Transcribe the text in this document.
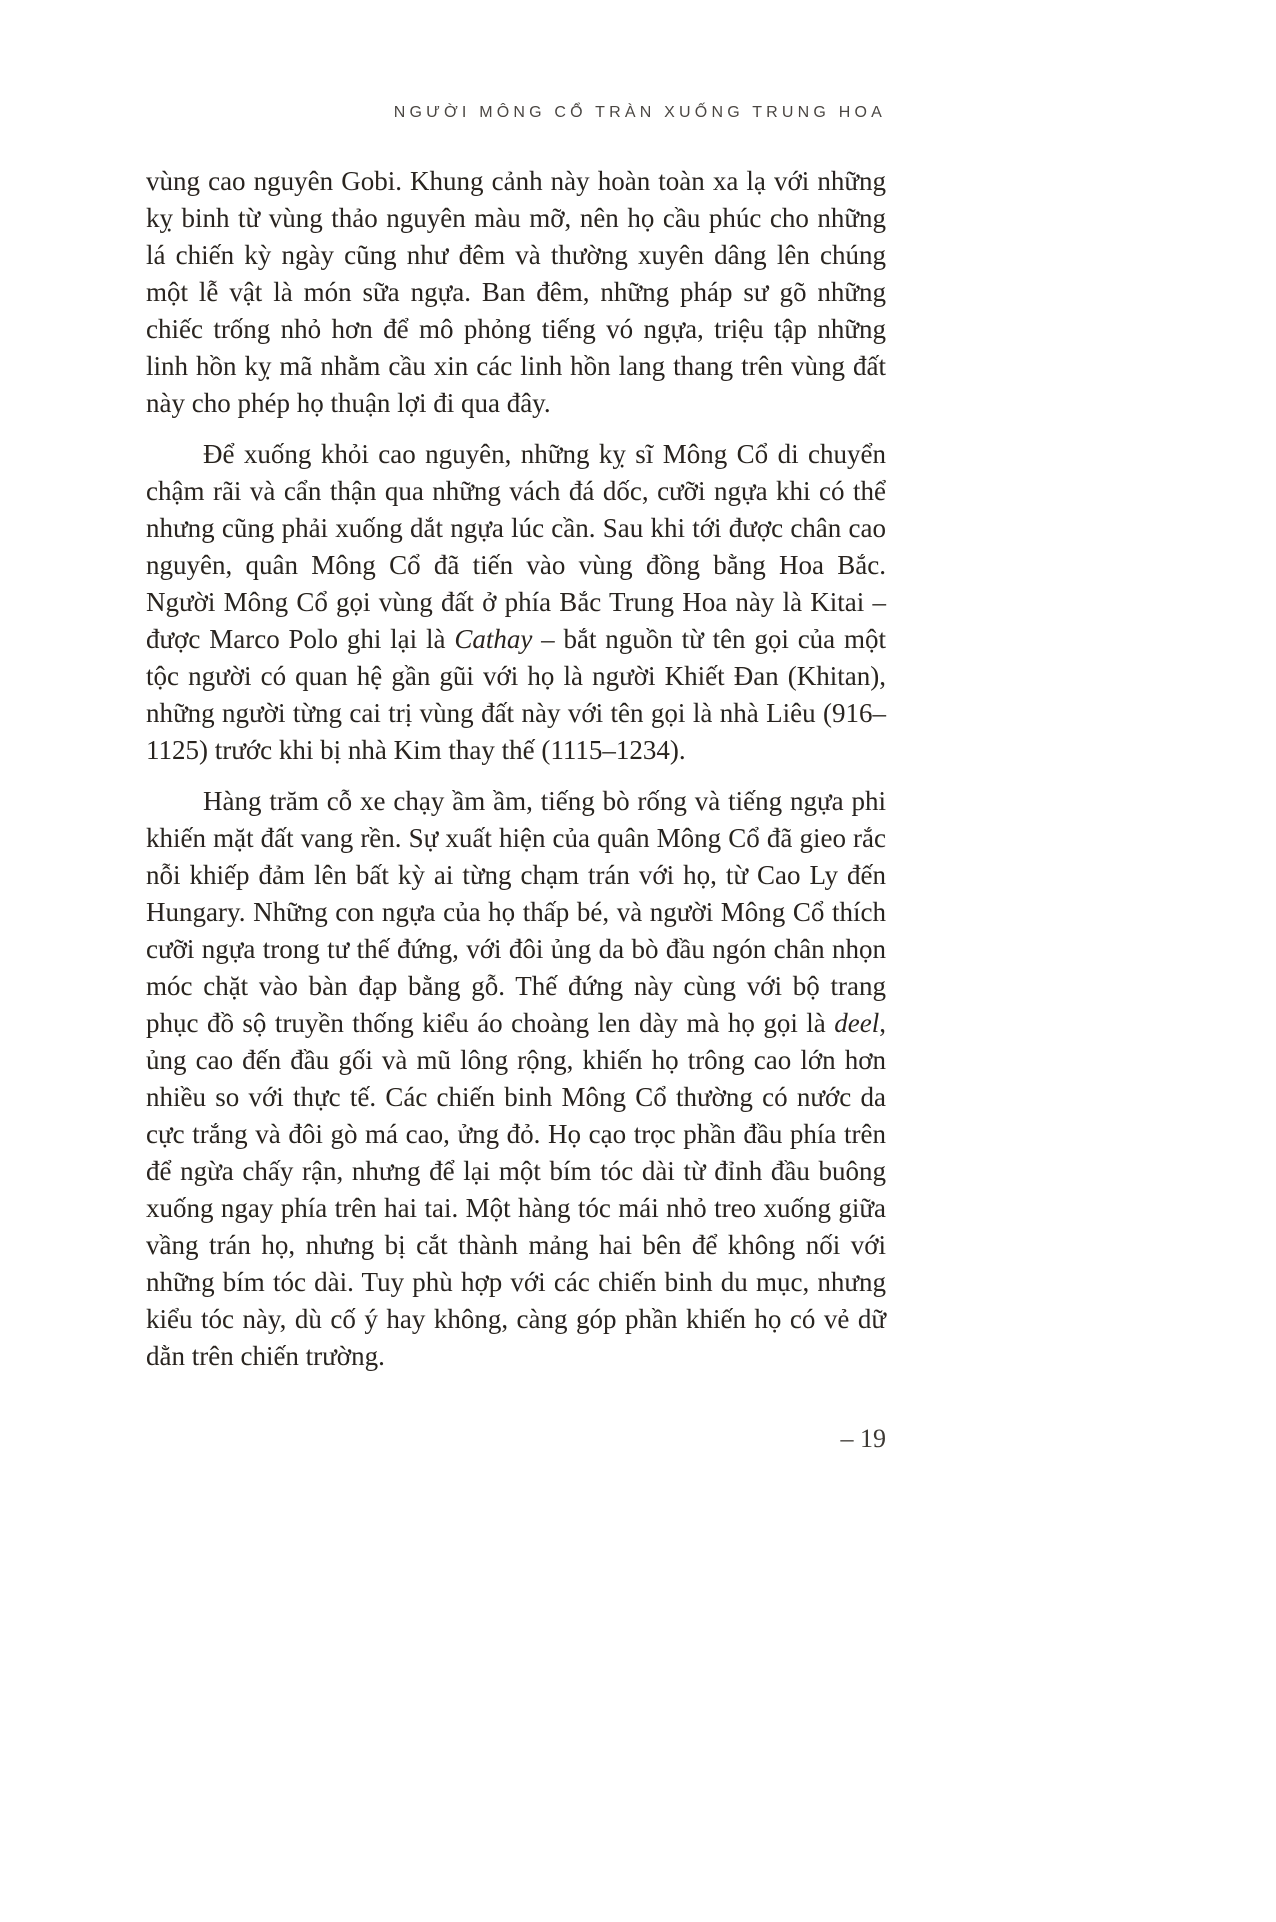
NGƯỜI MÔNG CỔ TRÀN XUỐNG TRUNG HOA

vùng cao nguyên Gobi. Khung cảnh này hoàn toàn xa lạ với những kỵ binh từ vùng thảo nguyên màu mỡ, nên họ cầu phúc cho những lá chiến kỳ ngày cũng như đêm và thường xuyên dâng lên chúng một lễ vật là món sữa ngựa. Ban đêm, những pháp sư gõ những chiếc trống nhỏ hơn để mô phỏng tiếng vó ngựa, triệu tập những linh hồn kỵ mã nhằm cầu xin các linh hồn lang thang trên vùng đất này cho phép họ thuận lợi đi qua đây.

Để xuống khỏi cao nguyên, những kỵ sĩ Mông Cổ di chuyển chậm rãi và cẩn thận qua những vách đá dốc, cưỡi ngựa khi có thể nhưng cũng phải xuống dắt ngựa lúc cần. Sau khi tới được chân cao nguyên, quân Mông Cổ đã tiến vào vùng đồng bằng Hoa Bắc. Người Mông Cổ gọi vùng đất ở phía Bắc Trung Hoa này là Kitai – được Marco Polo ghi lại là Cathay – bắt nguồn từ tên gọi của một tộc người có quan hệ gần gũi với họ là người Khiết Đan (Khitan), những người từng cai trị vùng đất này với tên gọi là nhà Liêu (916–1125) trước khi bị nhà Kim thay thế (1115–1234).

Hàng trăm cỗ xe chạy ầm ầm, tiếng bò rống và tiếng ngựa phi khiến mặt đất vang rền. Sự xuất hiện của quân Mông Cổ đã gieo rắc nỗi khiếp đảm lên bất kỳ ai từng chạm trán với họ, từ Cao Ly đến Hungary. Những con ngựa của họ thấp bé, và người Mông Cổ thích cưỡi ngựa trong tư thế đứng, với đôi ủng da bò đầu ngón chân nhọn móc chặt vào bàn đạp bằng gỗ. Thế đứng này cùng với bộ trang phục đồ sộ truyền thống kiểu áo choàng len dày mà họ gọi là deel, ủng cao đến đầu gối và mũ lông rộng, khiến họ trông cao lớn hơn nhiều so với thực tế. Các chiến binh Mông Cổ thường có nước da cực trắng và đôi gò má cao, ửng đỏ. Họ cạo trọc phần đầu phía trên để ngừa chấy rận, nhưng để lại một bím tóc dài từ đỉnh đầu buông xuống ngay phía trên hai tai. Một hàng tóc mái nhỏ treo xuống giữa vầng trán họ, nhưng bị cắt thành mảng hai bên để không nối với những bím tóc dài. Tuy phù hợp với các chiến binh du mục, nhưng kiểu tóc này, dù cố ý hay không, càng góp phần khiến họ có vẻ dữ dằn trên chiến trường.

– 19
